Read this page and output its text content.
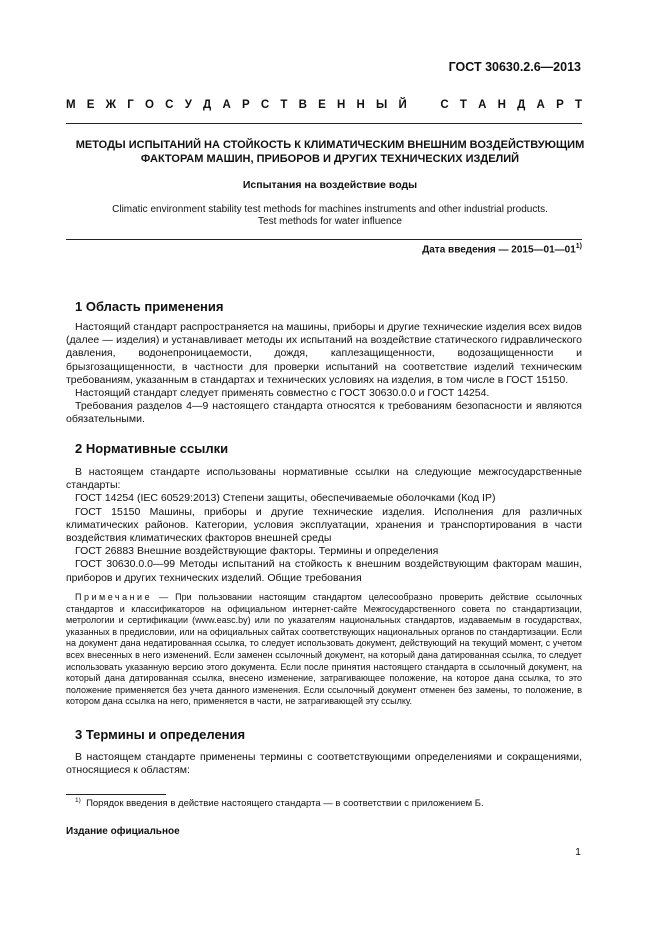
ГОСТ 30630.2.6—2013
М Е Ж Г О С У Д А Р С Т В Е Н Н Ы Й	С Т А Н Д А Р Т
МЕТОДЫ ИСПЫТАНИЙ НА СТОЙКОСТЬ К КЛИМАТИЧЕСКИМ ВНЕШНИМ ВОЗДЕЙСТВУЮЩИМ
ФАКТОРАМ МАШИН, ПРИБОРОВ И ДРУГИХ ТЕХНИЧЕСКИХ ИЗДЕЛИЙ
Испытания на воздействие воды
Climatic environment stability test methods for machines instruments and other industrial products.
Test methods for water influence
Дата введения — 2015—01—01$^{1)}$
1 Область применения

Настоящий стандарт распространяется на машины, приборы и другие технические изделия всех видов (далее — изделия) и устанавливает методы их испытаний на воздействие статического гидравлического давления, водонепроницаемости, дождя, каплезащищенности, водозащищенности и брызгозащищенности, в частности для проверки испытаний на соответствие изделий техническим требованиям, указанным в стандартах и технических условиях на изделия, в том числе в ГОСТ 15150.

Настоящий стандарт следует применять совместно с ГОСТ 30630.0.0 и ГОСТ 14254.

Требования разделов 4—9 настоящего стандарта относятся к требованиям безопасности и являются обязательными.

2 Нормативные ссылки

В настоящем стандарте использованы нормативные ссылки на следующие межгосударственные стандарты:

ГОСТ 14254 (IEC 60529:2013) Степени защиты, обеспечиваемые оболочками (Код IP)

ГОСТ 15150 Машины, приборы и другие технические изделия. Исполнения для различных климатических районов. Категории, условия эксплуатации, хранения и транспортирования в части воздействия климатических факторов внешней среды

ГОСТ 26883 Внешние воздействующие факторы. Термины и определения

ГОСТ 30630.0.0—99 Методы испытаний на стойкость к внешним воздействующим факторам машин, приборов и других технических изделий. Общие требования

Примечание — При пользовании настоящим стандартом целесообразно проверить действие ссылочных стандартов и классификаторов на официальном интернет-сайте Межгосударственного совета по стандартизации, метрологии и сертификации (www.easc.by) или по указателям национальных стандартов, издаваемым в государствах, указанных в предисловии, или на официальных сайтах соответствующих национальных органов по стандартизации. Если на документ дана недатированная ссылка, то следует использовать документ, действующий на текущий момент, с учетом всех внесенных в него изменений. Если заменен ссылочный документ, на который дана датированная ссылка, то следует использовать указанную версию этого документа. Если после принятия настоящего стандарта в ссылочный документ, на который дана датированная ссылка, внесено изменение, затрагивающее положение, на которое дана ссылка, то это положение применяется без учета данного изменения. Если ссылочный документ отменен без замены, то положение, в котором дана ссылка на него, применяется в части, не затрагивающей эту ссылку.

3 Термины и определения

В настоящем стандарте применены термины с соответствующими определениями и сокращениями, относящиеся к областям:

$^{1)}$ Порядок введения в действие настоящего стандарта — в соответствии с приложением Б.
Издание официальное
1
